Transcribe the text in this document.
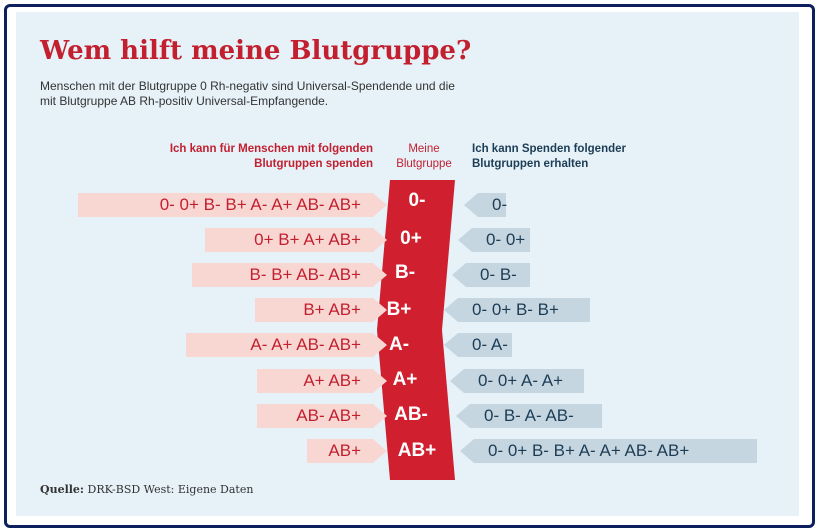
Wem hilft meine Blutgruppe?
Menschen mit der Blutgruppe 0 Rh-negativ sind Universal-Spendende und die mit Blutgruppe AB Rh-positiv Universal-Empfangende.
Ich kann für Menschen mit folgenden Blutgruppen spenden
Meine Blutgruppe
Ich kann Spenden folgender Blutgruppen erhalten
0- 0+ B- B+ A- A+ AB- AB+
0+ B+ A+ AB+
B- B+ AB- AB+
B+ AB+
A- A+ AB- AB+
A+ AB+
AB- AB+
AB+
0-
0+
B-
B+
A-
A+
AB-
AB+
0-
0- 0+
0- B-
0- 0+ B- B+
0- A-
0- 0+ A- A+
0- B- A- AB-
0- 0+ B- B+ A- A+ AB- AB+
Quelle: DRK-BSD West: Eigene Daten
